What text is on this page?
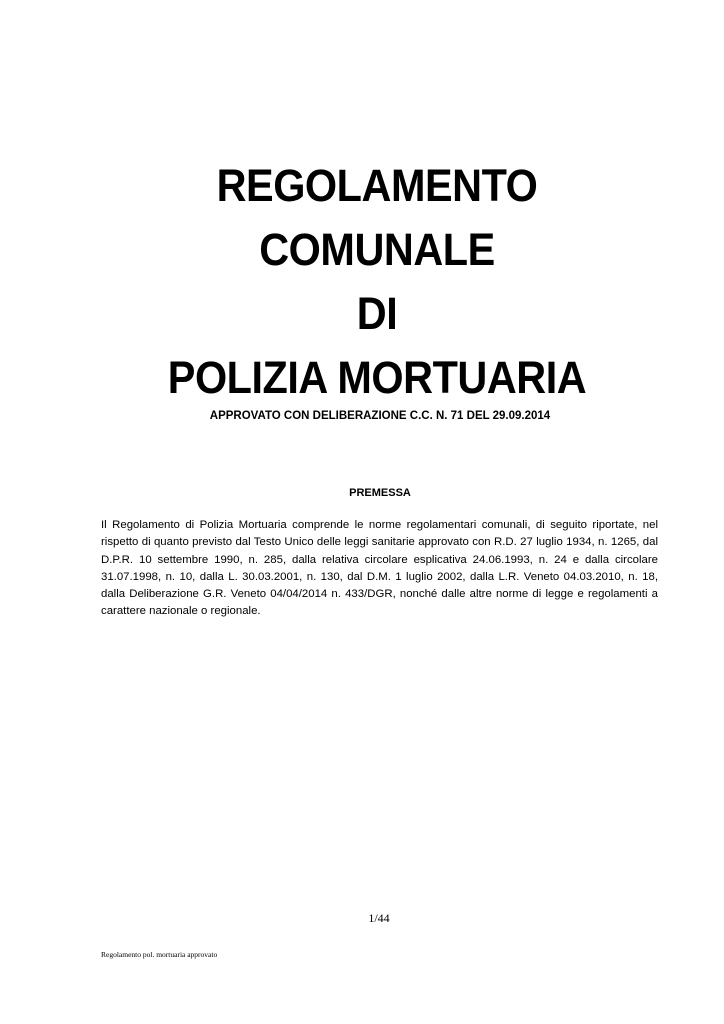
REGOLAMENTO
COMUNALE
DI
POLIZIA MORTUARIA
APPROVATO CON DELIBERAZIONE C.C. N. 71 DEL 29.09.2014
PREMESSA

Il Regolamento di Polizia Mortuaria comprende le norme regolamentari comunali, di seguito riportate, nel rispetto di quanto previsto dal Testo Unico delle leggi sanitarie approvato con R.D. 27 luglio 1934, n. 1265, dal D.P.R. 10 settembre 1990, n. 285, dalla relativa circolare esplicativa 24.06.1993, n. 24 e dalla circolare 31.07.1998, n. 10, dalla L. 30.03.2001, n. 130, dal D.M. 1 luglio 2002, dalla L.R. Veneto 04.03.2010, n. 18, dalla Deliberazione G.R. Veneto 04/04/2014 n. 433/DGR, nonché dalle altre norme di legge e regolamenti a carattere nazionale o regionale.

1/44
Regolamento pol. mortuaria approvato
